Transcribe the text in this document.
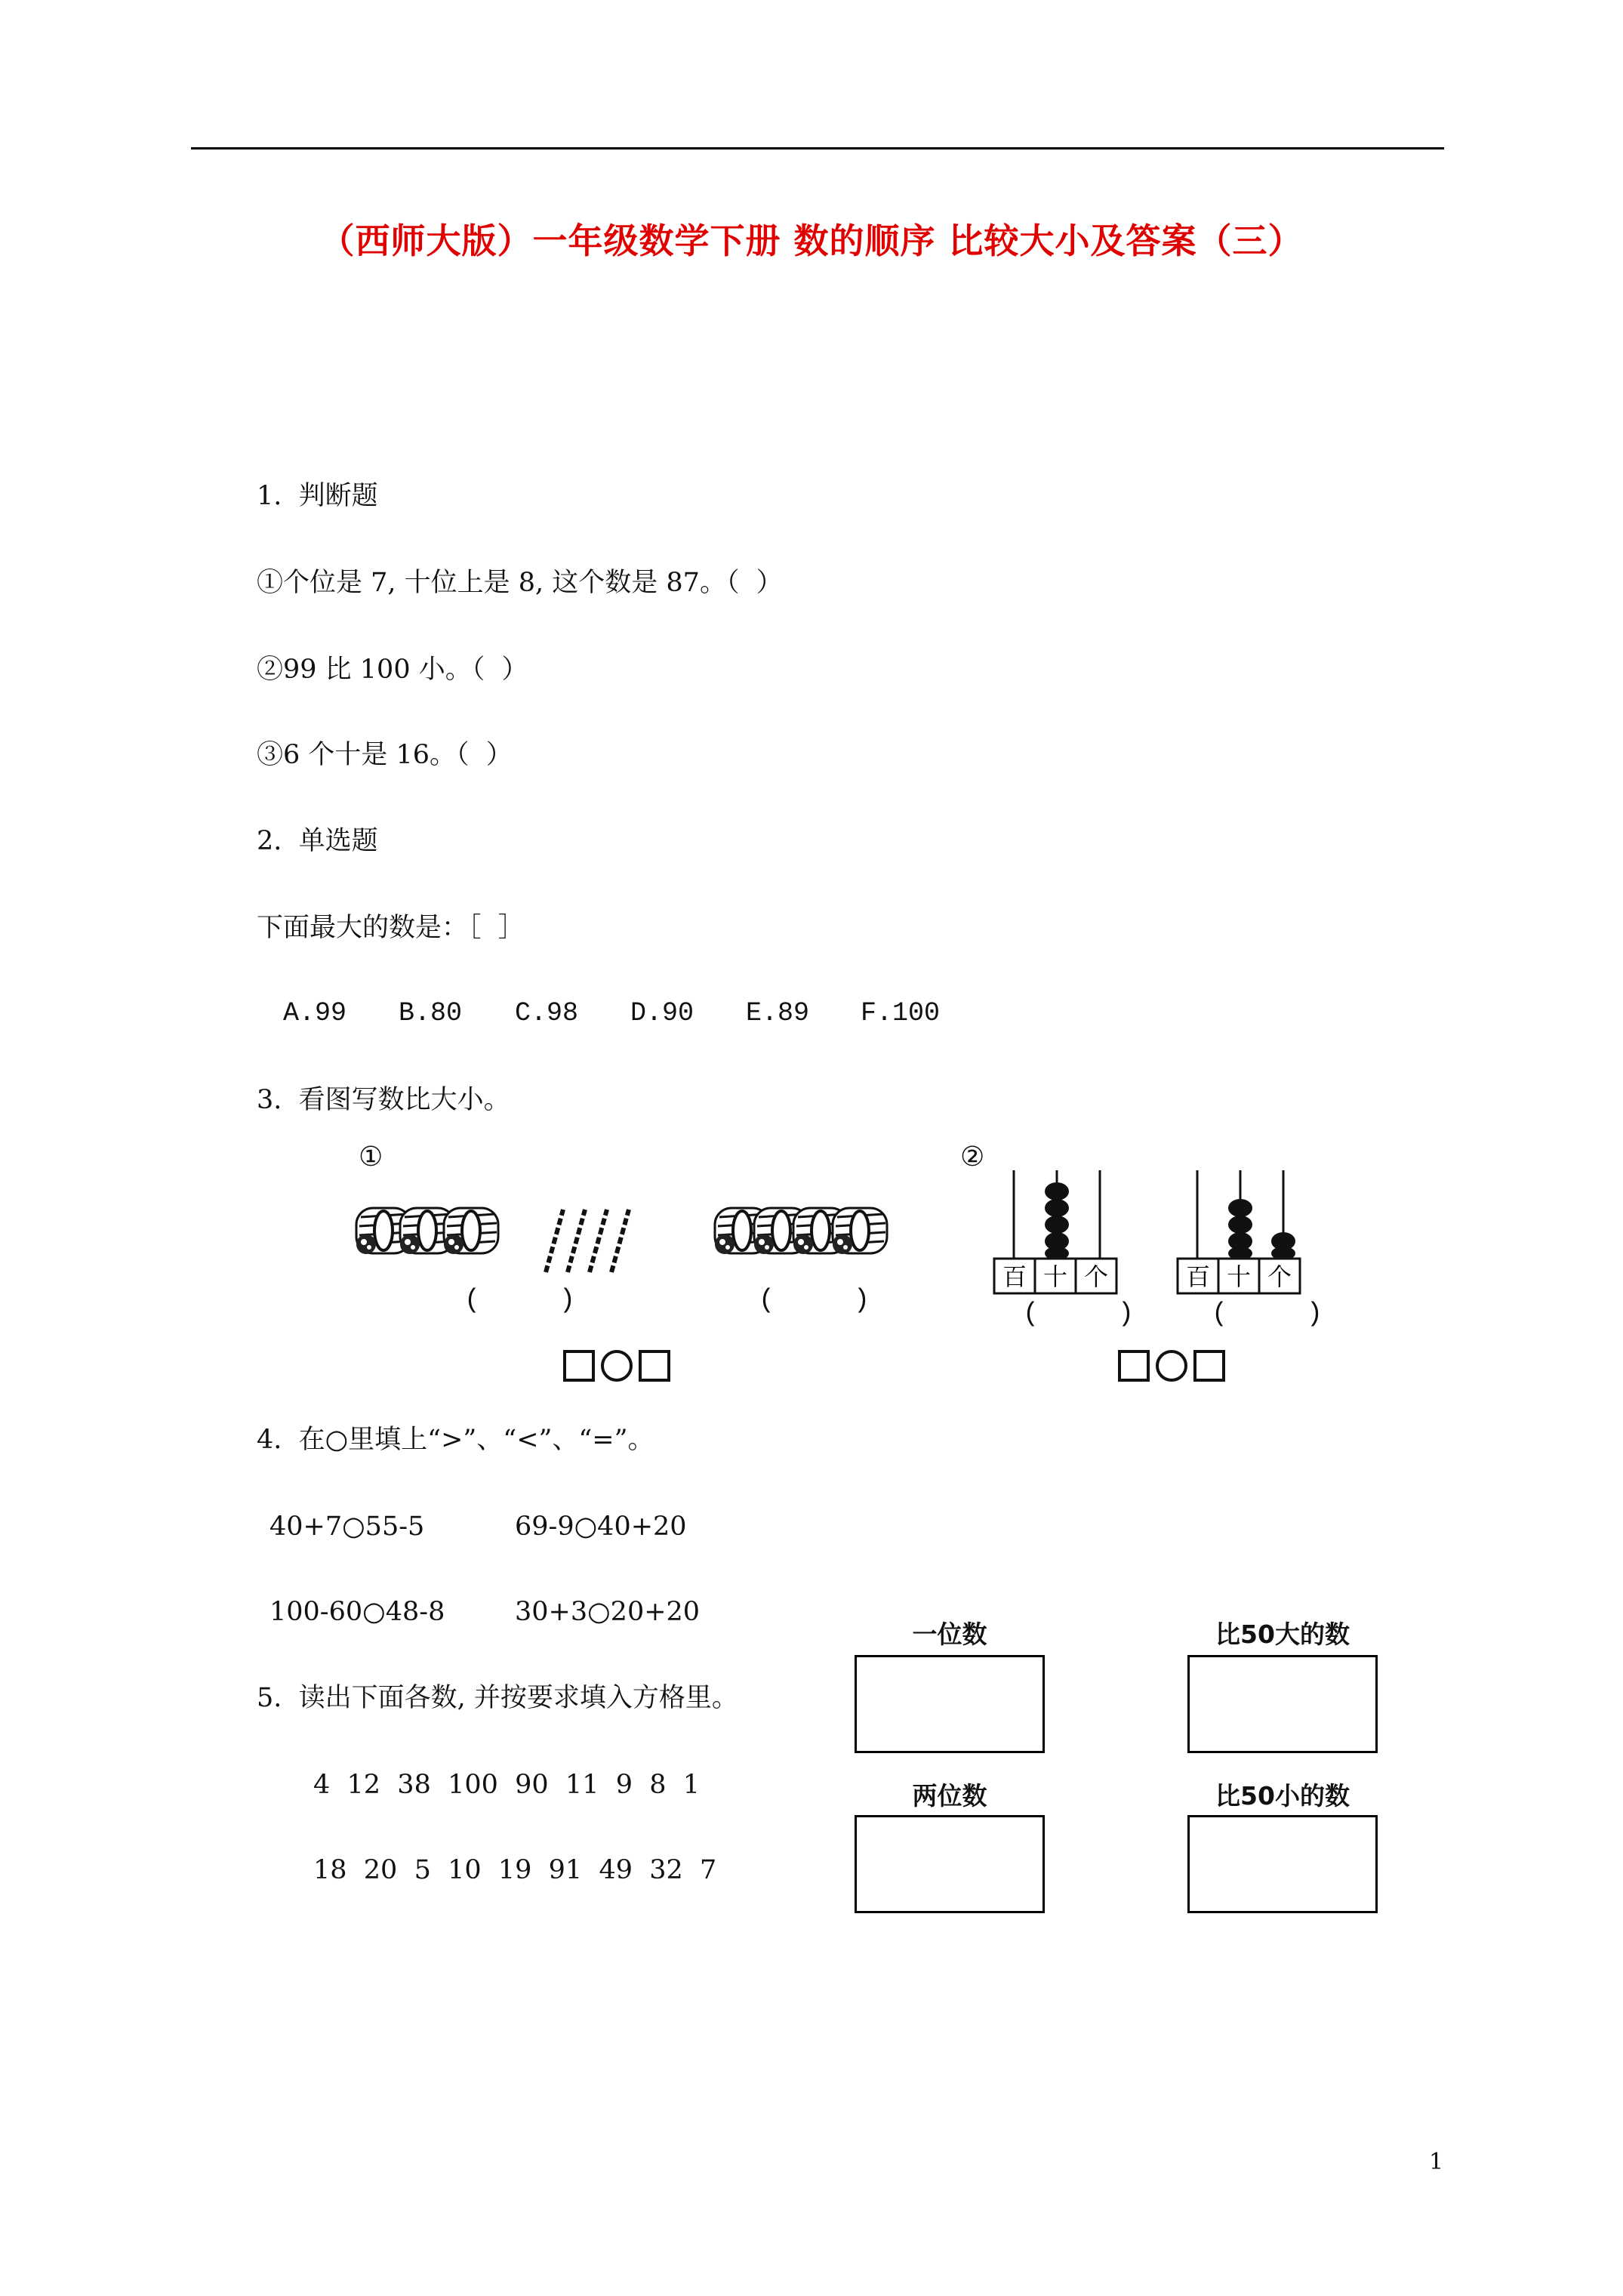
（西师大版）一年级数学下册 数的顺序 比较大小及答案（三）
1.  判断题
①个位是 7, 十位上是 8, 这个数是 87。（  ）
②99 比 100 小。（  ）
③6 个十是 16。（  ）
2.  单选题
下面最大的数是：［  ］
A.99 B.80 C.98 D.90 E.89 F.100
3.  看图写数比大小。
①	②
百 十 个	百 十 个
(     )	(     )	(     )	(     )
4.  在○里填上“>”、“<”、“=”。
40+7○55-5	69-9○40+20
100-60○48-8	30+3○20+20
5.  读出下面各数, 并按要求填入方格里。
4  12  38  100  90  11  9  8  1
18  20  5  10  19  91  49  32  7
一位数	比50大的数
两位数	比50小的数
1
